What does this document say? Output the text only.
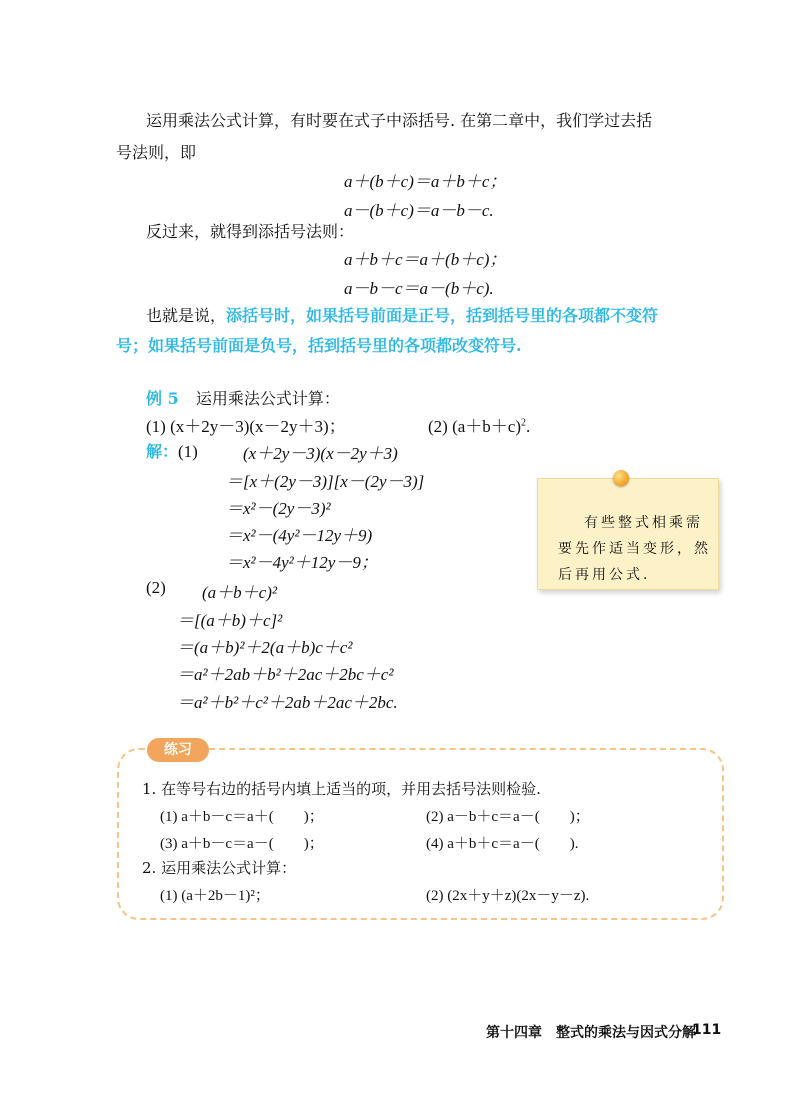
运用乘法公式计算，有时要在式子中添括号. 在第二章中，我们学过去括
号法则，即
a＋(b＋c)＝a＋b＋c；
a－(b＋c)＝a－b－c.
反过来，就得到添括号法则：
a＋b＋c＝a＋(b＋c)；
a－b－c＝a－(b＋c).
也就是说，添括号时，如果括号前面是正号，括到括号里的各项都不变符
号；如果括号前面是负号，括到括号里的各项都改变符号.
例 5 运用乘法公式计算：
(1) (x＋2y－3)(x－2y＋3)；	(2) $(a+b+c)^2$.
解：(1)	(x＋2y－3)(x－2y＋3)
＝[x＋(2y－3)][x－(2y－3)]
＝x²－(2y－3)²
＝x²－(4y²－12y＋9)
＝x²－4y²＋12y－9；
(2) (a＋b＋c)²
＝[(a＋b)＋c]²
＝(a＋b)²＋2(a＋b)c＋c²
＝a²＋2ab＋b²＋2ac＋2bc＋c²
＝a²＋b²＋c²＋2ab＋2ac＋2bc.
有些整式相乘需
要先作适当变形，然
后再用公式.
练习
1. 在等号右边的括号内填上适当的项，并用去括号法则检验.
(1) a＋b－c＝a＋(　　)；	(2) a－b＋c＝a－(　　)；
(3) a＋b－c＝a－(　　)；	(4) a＋b＋c＝a－(　　).
2. 运用乘法公式计算：
(1) (a＋2b－1)²；	(2) (2x＋y＋z)(2x－y－z).
第十四章　整式的乘法与因式分解
111
